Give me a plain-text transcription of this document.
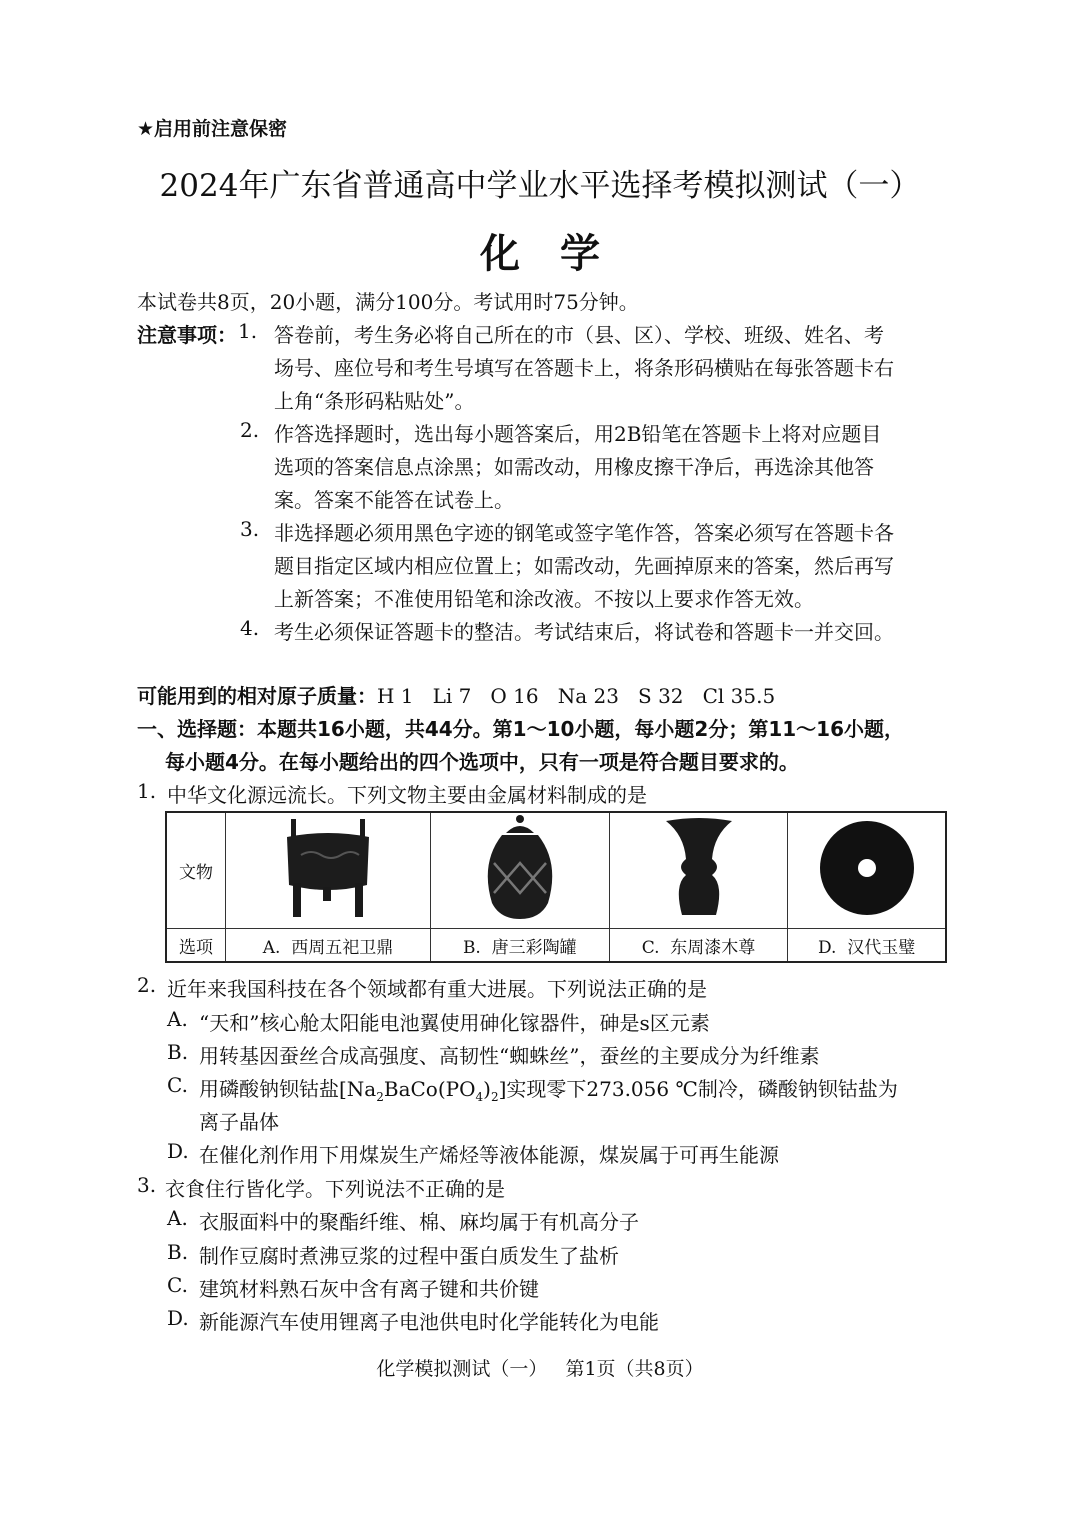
★启用前注意保密
2024年广东省普通高中学业水平选择考模拟测试（一）
化学
本试卷共8页，20小题，满分100分。考试用时75分钟。
注意事项： 1. 答卷前，考生务必将自己所在的市（县、区）、学校、班级、姓名、考
场号、座位号和考生号填写在答题卡上，将条形码横贴在每张答题卡右
上角“条形码粘贴处”。
2. 作答选择题时，选出每小题答案后，用2B铅笔在答题卡上将对应题目
选项的答案信息点涂黑；如需改动，用橡皮擦干净后，再选涂其他答
案。答案不能答在试卷上。
3. 非选择题必须用黑色字迹的钢笔或签字笔作答，答案必须写在答题卡各
题目指定区域内相应位置上；如需改动，先画掉原来的答案，然后再写
上新答案；不准使用铅笔和涂改液。不按以上要求作答无效。
4. 考生必须保证答题卡的整洁。考试结束后，将试卷和答题卡一并交回。
可能用到的相对原子质量：H 1   Li 7   O 16   Na 23   S 32   Cl 35.5
一、选择题：本题共16小题，共44分。第1～10小题，每小题2分；第11～16小题，
每小题4分。在每小题给出的四个选项中，只有一项是符合题目要求的。
1. 中华文化源远流长。下列文物主要由金属材料制成的是
文物				
选项	A.  西周五祀卫鼎	B.  唐三彩陶罐	C.  东周漆木尊	D.  汉代玉璧
2. 近年来我国科技在各个领域都有重大进展。下列说法正确的是
A. “天和”核心舱太阳能电池翼使用砷化镓器件，砷是s区元素
B. 用转基因蚕丝合成高强度、高韧性“蜘蛛丝”，蚕丝的主要成分为纤维素
C. 用磷酸钠钡钴盐$[Na_2BaCo(PO_4)_2]$实现零下273.056 ℃制冷，磷酸钠钡钴盐为
离子晶体
D. 在催化剂作用下用煤炭生产烯烃等液体能源，煤炭属于可再生能源
3. 衣食住行皆化学。下列说法不正确的是
A. 衣服面料中的聚酯纤维、棉、麻均属于有机高分子
B. 制作豆腐时煮沸豆浆的过程中蛋白质发生了盐析
C. 建筑材料熟石灰中含有离子键和共价键
D. 新能源汽车使用锂离子电池供电时化学能转化为电能
化学模拟测试（一）   第1页（共8页）
